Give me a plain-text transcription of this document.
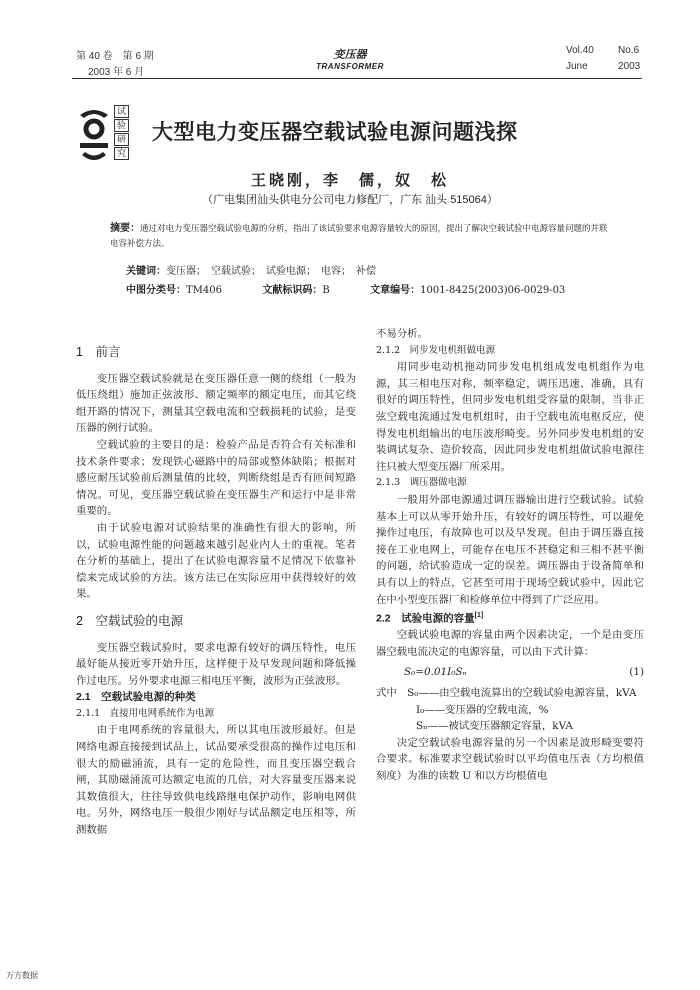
第 40 卷　第 6 期
2003 年 6 月
变压器
TRANSFORMER
Vol.40 No.6
June	2003
试
验
研
究
大型电力变压器空载试验电源问题浅探
王晓刚，李　儒，奴　松
（广电集团汕头供电分公司电力修配厂，广东 汕头 515064）
摘要：通过对电力变压器空载试验电源的分析，指出了该试验要求电源容量较大的原因，提出了解决空载试验中电源容量问题的并联电容补偿方法。
关键词：变压器；　空载试验；　试验电源；　电容；　补偿
中图分类号：TM406	文献标识码：B	文章编号：1001-8425(2003)06-0029-03
1　前言

变压器空载试验就是在变压器任意一侧的绕组（一般为低压绕组）施加正弦波形、额定频率的额定电压，而其它绕组开路的情况下，测量其空载电流和空载损耗的试验，是变压器的例行试验。

空载试验的主要目的是：检验产品是否符合有关标准和技术条件要求；发现铁心磁路中的局部或整体缺陷；根据对感应耐压试验前后测量值的比较，判断绕组是否有匝间短路情况。可见，变压器空载试验在变压器生产和运行中是非常重要的。

由于试验电源对试验结果的准确性有很大的影响，所以，试验电源性能的问题越来越引起业内人士的重视。笔者在分析的基础上，提出了在试验电源容量不足情况下依靠补偿来完成试验的方法。该方法已在实际应用中获得较好的效果。

2　空载试验的电源

变压器空载试验时，要求电源有较好的调压特性，电压最好能从接近零开始升压，这样便于及早发现问题和降低操作过电压。另外要求电源三相电压平衡，波形为正弦波形。

2.1　空载试验电源的种类
2.1.1　直接用电网系统作为电源

由于电网系统的容量很大，所以其电压波形最好。但是网络电源直接接到试品上，试品要承受很高的操作过电压和很大的励磁涌流，具有一定的危险性，而且变压器空载合闸，其励磁涌流可达额定电流的几倍，对大容量变压器来说其数值很大，往往导致供电线路继电保护动作，影响电网供电。另外，网络电压一般很少刚好与试品额定电压相等，所测数据

不易分析。

2.1.2　同步发电机组做电源

用同步电动机拖动同步发电机组成发电机组作为电源，其三相电压对称，频率稳定，调压迅速、准确，具有很好的调压特性，但同步发电机组受容量的限制，当非正弦空载电流通过发电机组时，由于空载电流电枢反应，使得发电机组输出的电压波形畸变。另外同步发电机组的安装调试复杂、造价较高，因此同步发电机组做试验电源往往只被大型变压器厂所采用。

2.1.3　调压器做电源

一般用外部电源通过调压器输出进行空载试验。试验基本上可以从零开始升压，有较好的调压特性，可以避免操作过电压，有故障也可以及早发现。但由于调压器直接接在工业电网上，可能存在电压不甚稳定和三相不甚平衡的问题，给试验造成一定的误差。调压器由于设备简单和具有以上的特点，它甚至可用于现场空载试验中，因此它在中小型变压器厂和检修单位中得到了广泛应用。

2.2　试验电源的容量[1]

空载试验电源的容量由两个因素决定，一个是由变压器空载电流决定的电源容量，可以由下式计算：

S₀=0.01I₀Sₙ	(1)
式中　S₀——由空载电流算出的空载试验电源容量，kVA
I₀——变压器的空载电流，%
Sₙ——被试变压器额定容量，kVA

决定空载试验电源容量的另一个因素是波形畸变要符合要求。标准要求空载试验时以平均值电压表（方均根值刻度）为准的读数 U 和以方均根值电

万方数据
